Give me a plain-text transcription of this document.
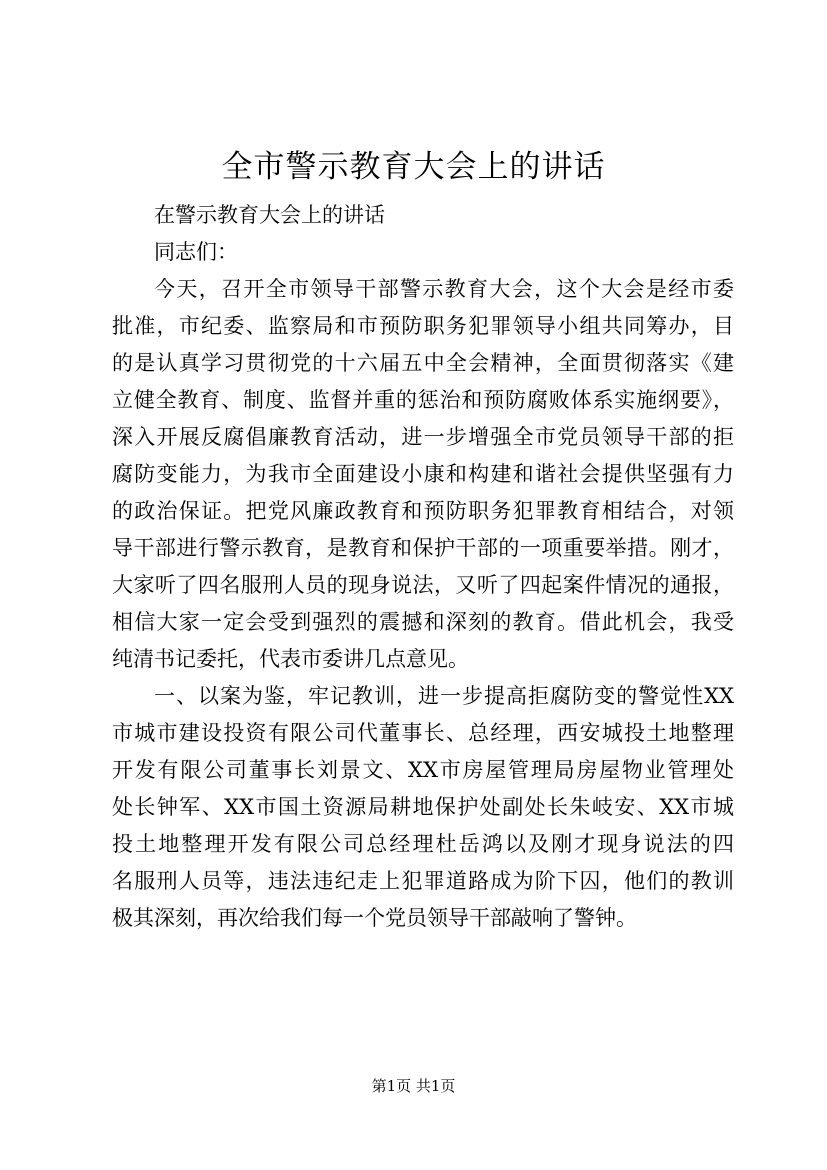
全市警示教育大会上的讲话
在警示教育大会上的讲话
同志们：
今天，召开全市领导干部警示教育大会，这个大会是经市委
批准，市纪委、监察局和市预防职务犯罪领导小组共同筹办，目
的是认真学习贯彻党的十六届五中全会精神，全面贯彻落实《建
立健全教育、制度、监督并重的惩治和预防腐败体系实施纲要》，
深入开展反腐倡廉教育活动，进一步增强全市党员领导干部的拒
腐防变能力，为我市全面建设小康和构建和谐社会提供坚强有力
的政治保证。把党风廉政教育和预防职务犯罪教育相结合，对领
导干部进行警示教育，是教育和保护干部的一项重要举措。刚才，
大家听了四名服刑人员的现身说法，又听了四起案件情况的通报，
相信大家一定会受到强烈的震撼和深刻的教育。借此机会，我受
纯清书记委托，代表市委讲几点意见。
一、以案为鉴，牢记教训，进一步提高拒腐防变的警觉性XX
市城市建设投资有限公司代董事长、总经理，西安城投土地整理
开发有限公司董事长刘景文、XX市房屋管理局房屋物业管理处
处长钟军、XX市国土资源局耕地保护处副处长朱岐安、XX市城
投土地整理开发有限公司总经理杜岳鸿以及刚才现身说法的四
名服刑人员等，违法违纪走上犯罪道路成为阶下囚，他们的教训
极其深刻，再次给我们每一个党员领导干部敲响了警钟。
第1页 共1页
